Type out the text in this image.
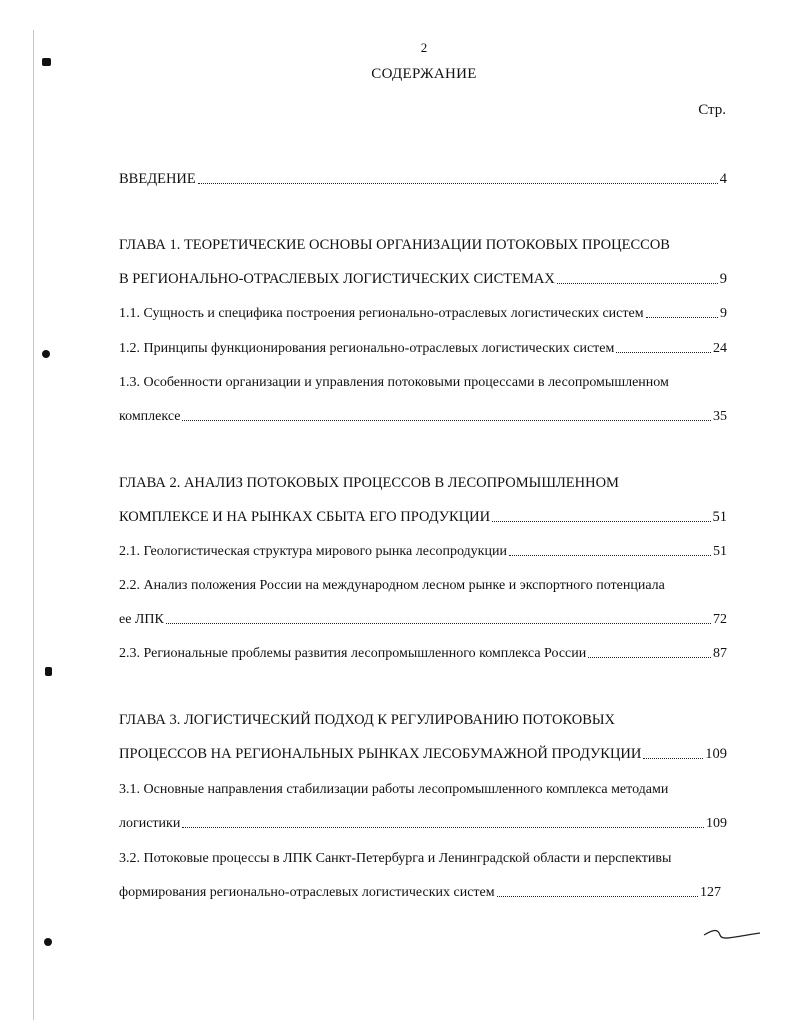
2
СОДЕРЖАНИЕ
Стр.
ВВЕДЕНИЕ	4
ГЛАВА 1. ТЕОРЕТИЧЕСКИЕ ОСНОВЫ ОРГАНИЗАЦИИ ПОТОКОВЫХ ПРОЦЕССОВ
В РЕГИОНАЛЬНО-ОТРАСЛЕВЫХ ЛОГИСТИЧЕСКИХ СИСТЕМАХ	9
1.1. Сущность и специфика построения регионально-отраслевых логистических систем	9
1.2. Принципы функционирования регионально-отраслевых логистических систем	24
1.3. Особенности организации и управления потоковыми процессами в лесопромышленном
комплексе	35
ГЛАВА 2. АНАЛИЗ ПОТОКОВЫХ ПРОЦЕССОВ В ЛЕСОПРОМЫШЛЕННОМ
КОМПЛЕКСЕ И НА РЫНКАХ СБЫТА ЕГО ПРОДУКЦИИ	51
2.1. Геологистическая структура мирового рынка лесопродукции	51
2.2. Анализ положения России на международном лесном рынке и экспортного потенциала
ее ЛПК	72
2.3. Региональные проблемы развития лесопромышленного комплекса России	87
ГЛАВА 3. ЛОГИСТИЧЕСКИЙ ПОДХОД К РЕГУЛИРОВАНИЮ ПОТОКОВЫХ
ПРОЦЕССОВ НА РЕГИОНАЛЬНЫХ РЫНКАХ ЛЕСОБУМАЖНОЙ ПРОДУКЦИИ	109
3.1. Основные направления стабилизации работы лесопромышленного комплекса методами
логистики	109
3.2. Потоковые процессы в ЛПК Санкт-Петербурга и Ленинградской области и перспективы
формирования регионально-отраслевых логистических систем	127
